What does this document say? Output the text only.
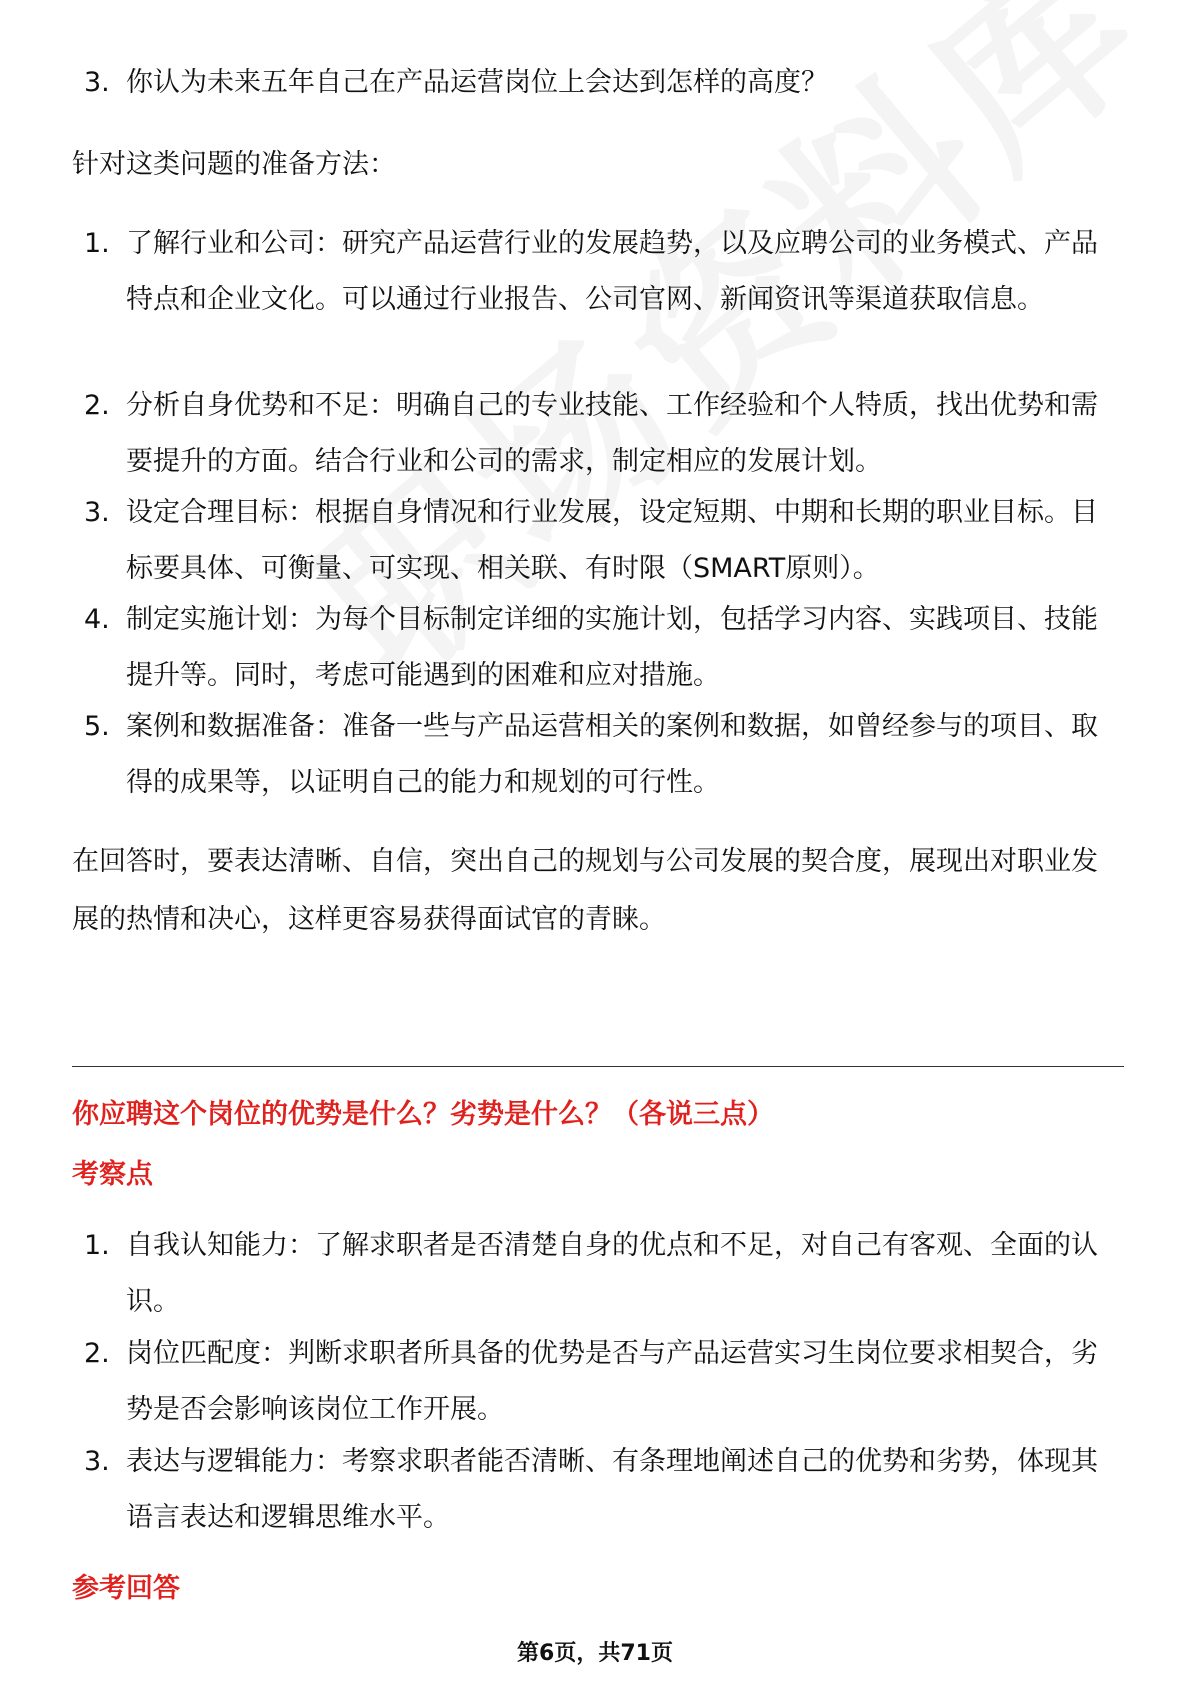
3. 你认为未来五年自己在产品运营岗位上会达到怎样的高度？
针对这类问题的准备方法：
1. 了解行业和公司：研究产品运营行业的发展趋势，以及应聘公司的业务模式、产品特点和企业文化。可以通过行业报告、公司官网、新闻资讯等渠道获取信息。
2. 分析自身优势和不足：明确自己的专业技能、工作经验和个人特质，找出优势和需要提升的方面。结合行业和公司的需求，制定相应的发展计划。
3. 设定合理目标：根据自身情况和行业发展，设定短期、中期和长期的职业目标。目标要具体、可衡量、可实现、相关联、有时限（SMART原则）。
4. 制定实施计划：为每个目标制定详细的实施计划，包括学习内容、实践项目、技能提升等。同时，考虑可能遇到的困难和应对措施。
5. 案例和数据准备：准备一些与产品运营相关的案例和数据，如曾经参与的项目、取得的成果等，以证明自己的能力和规划的可行性。
在回答时，要表达清晰、自信，突出自己的规划与公司发展的契合度，展现出对职业发展的热情和决心，这样更容易获得面试官的青睐。
你应聘这个岗位的优势是什么？劣势是什么？（各说三点）
考察点
1. 自我认知能力：了解求职者是否清楚自身的优点和不足，对自己有客观、全面的认识。
2. 岗位匹配度：判断求职者所具备的优势是否与产品运营实习生岗位要求相契合，劣势是否会影响该岗位工作开展。
3. 表达与逻辑能力：考察求职者能否清晰、有条理地阐述自己的优势和劣势，体现其语言表达和逻辑思维水平。
参考回答
第6页，共71页
